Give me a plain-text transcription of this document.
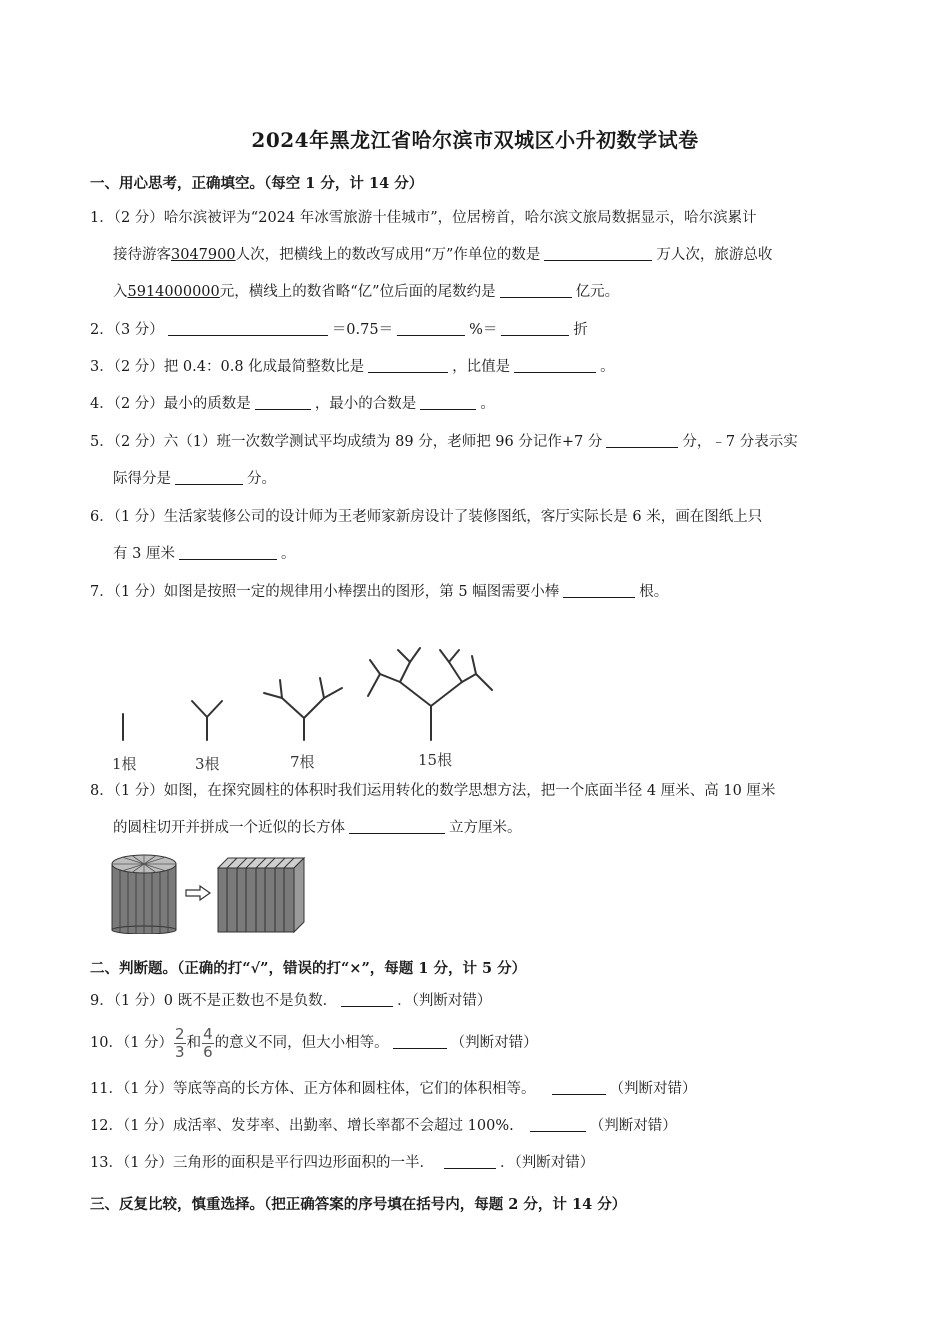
2024年黑龙江省哈尔滨市双城区小升初数学试卷
一、用心思考，正确填空。（每空 1 分，计 14 分）
1．（2 分）哈尔滨被评为“2024 年冰雪旅游十佳城市”，位居榜首，哈尔滨文旅局数据显示，哈尔滨累计
接待游客3047900人次，把横线上的数改写成用“万”作单位的数是	万人次，旅游总收
入5914000000元，横线上的数省略“亿”位后面的尾数约是	亿元。
2．（3 分）	＝0.75＝	%＝	折
3．（2 分）把 0.4：0.8 化成最简整数比是	，比值是	。
4．（2 分）最小的质数是	，最小的合数是	。
5．（2 分）六（1）班一次数学测试平均成绩为 89 分，老师把 96 分记作+7 分	分，﹣7 分表示实
际得分是	分。
6．（1 分）生活家装修公司的设计师为王老师家新房设计了装修图纸，客厅实际长是 6 米，画在图纸上只
有 3 厘米	。
7．（1 分）如图是按照一定的规律用小棒摆出的图形，第 5 幅图需要小棒	根。
1根	3根	7根	15根
8．（1 分）如图，在探究圆柱的体积时我们运用转化的数学思想方法，把一个底面半径 4 厘米、高 10 厘米
的圆柱切开并拼成一个近似的长方体	立方厘米。
二、判断题。（正确的打“√”，错误的打“×”，每题 1 分，计 5 分）
9．（1 分）0 既不是正数也不是负数．	．（判断对错）
10．（1 分） $\frac{2}{3}$ 和 $\frac{4}{6}$ 的意义不同，但大小相等。	（判断对错）
11．（1 分）等底等高的长方体、正方体和圆柱体，它们的体积相等。	（判断对错）
12．（1 分）成活率、发芽率、出勤率、增长率都不会超过 100%.	（判断对错）
13．（1 分）三角形的面积是平行四边形面积的一半．	．（判断对错）
三、反复比较，慎重选择。（把正确答案的序号填在括号内，每题 2 分，计 14 分）
